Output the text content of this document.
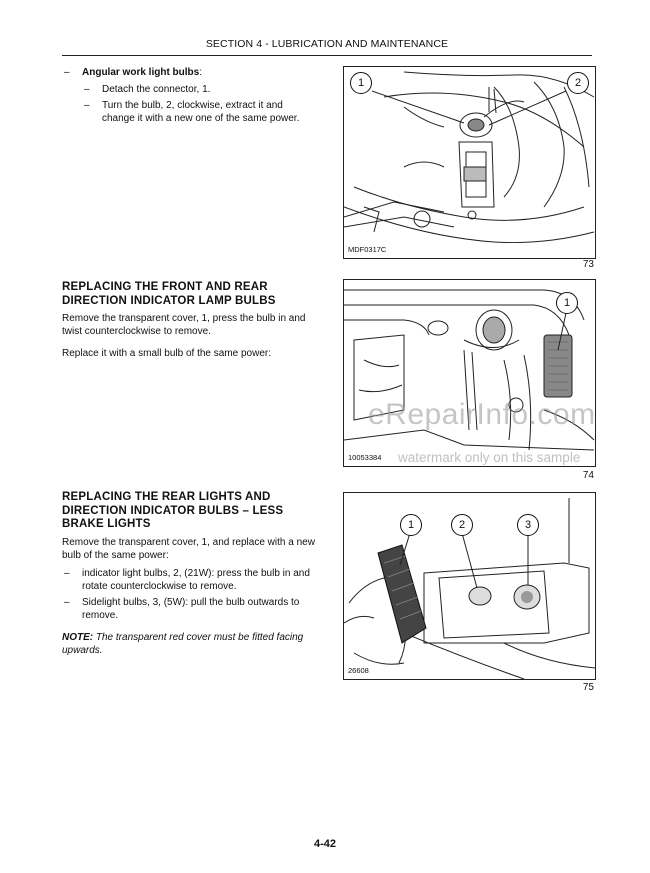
SECTION 4 - LUBRICATION AND MAINTENANCE
– Angular work light bulbs:
– Detach the connector, 1.
– Turn the bulb, 2, clockwise, extract it and change it with a new one of the same power.
1	2
MDF0317C
73
REPLACING THE FRONT AND REAR DIRECTION INDICATOR LAMP BULBS

Remove the transparent cover, 1, press the bulb in and twist counterclockwise to remove.

Replace it with a small bulb of the same power:

1
10053384
74
REPLACING THE REAR LIGHTS AND DIRECTION INDICATOR BULBS – LESS BRAKE LIGHTS

Remove the transparent cover, 1, and replace with a new bulb of the same power:

– indicator light bulbs, 2, (21W): press the bulb in and rotate counterclockwise to remove.
– Sidelight bulbs, 3, (5W): pull the bulb outwards to remove.

NOTE: The transparent red cover must be fitted facing upwards.

1	2	3
26608
75
eRepairInfo.com
watermark only on this sample
4-42
